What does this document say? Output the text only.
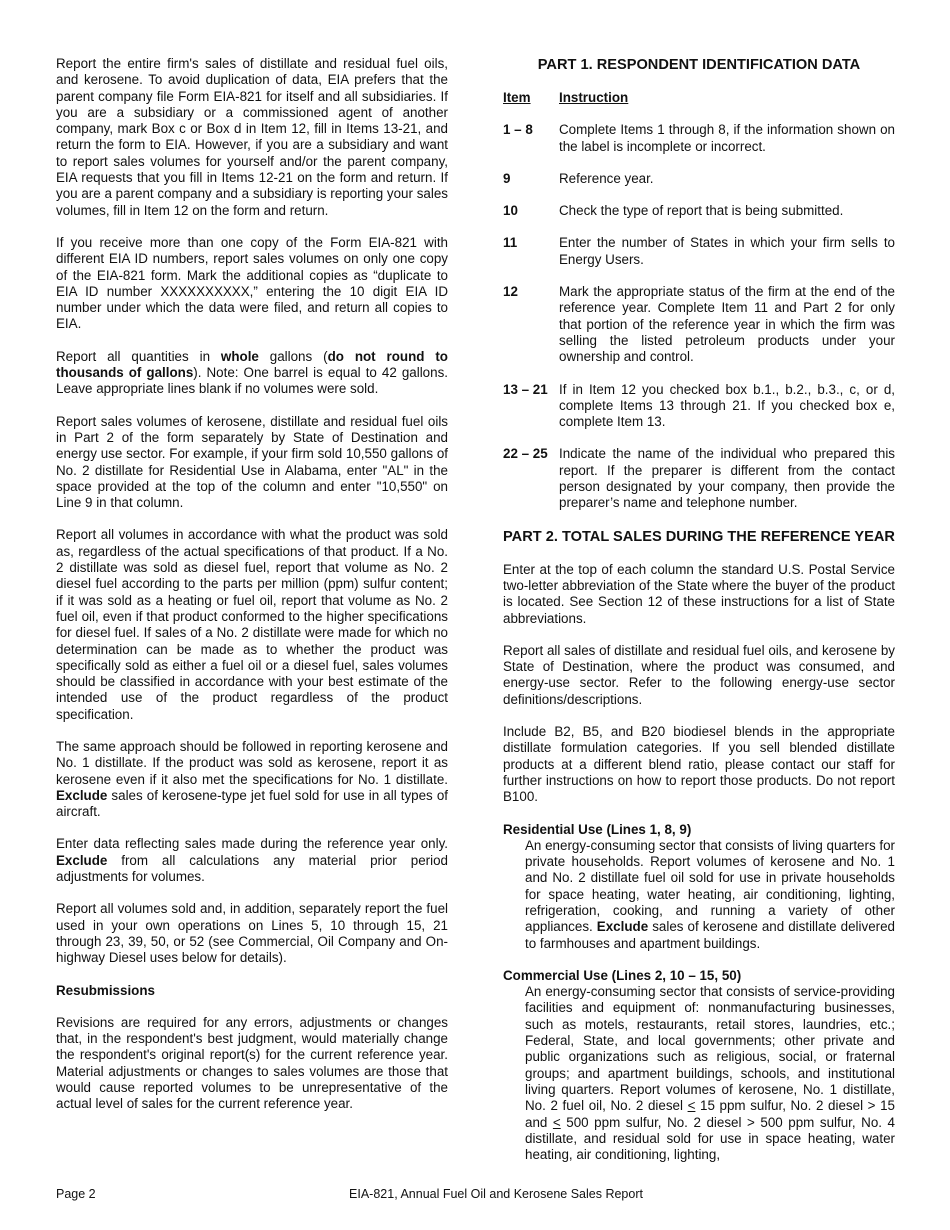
Report the entire firm's sales of distillate and residual fuel oils, and kerosene. To avoid duplication of data, EIA prefers that the parent company file Form EIA-821 for itself and all subsidiaries. If you are a subsidiary or a commissioned agent of another company, mark Box c or Box d in Item 12, fill in Items 13-21, and return the form to EIA. However, if you are a subsidiary and want to report sales volumes for yourself and/or the parent company, EIA requests that you fill in Items 12-21 on the form and return. If you are a parent company and a subsidiary is reporting your sales volumes, fill in Item 12 on the form and return.

If you receive more than one copy of the Form EIA-821 with different EIA ID numbers, report sales volumes on only one copy of the EIA-821 form. Mark the additional copies as “duplicate to EIA ID number XXXXXXXXXX,” entering the 10 digit EIA ID number under which the data were filed, and return all copies to EIA.

Report all quantities in whole gallons (do not round to thousands of gallons). Note: One barrel is equal to 42 gallons. Leave appropriate lines blank if no volumes were sold.

Report sales volumes of kerosene, distillate and residual fuel oils in Part 2 of the form separately by State of Destination and energy use sector. For example, if your firm sold 10,550 gallons of No. 2 distillate for Residential Use in Alabama, enter "AL" in the space provided at the top of the column and enter "10,550" on Line 9 in that column.

Report all volumes in accordance with what the product was sold as, regardless of the actual specifications of that product. If a No. 2 distillate was sold as diesel fuel, report that volume as No. 2 diesel fuel according to the parts per million (ppm) sulfur content; if it was sold as a heating or fuel oil, report that volume as No. 2 fuel oil, even if that product conformed to the higher specifications for diesel fuel. If sales of a No. 2 distillate were made for which no determination can be made as to whether the product was specifically sold as either a fuel oil or a diesel fuel, sales volumes should be classified in accordance with your best estimate of the intended use of the product regardless of the product specification.

The same approach should be followed in reporting kerosene and No. 1 distillate. If the product was sold as kerosene, report it as kerosene even if it also met the specifications for No. 1 distillate. Exclude sales of kerosene-type jet fuel sold for use in all types of aircraft.

Enter data reflecting sales made during the reference year only. Exclude from all calculations any material prior period adjustments for volumes.

Report all volumes sold and, in addition, separately report the fuel used in your own operations on Lines 5, 10 through 15, 21 through 23, 39, 50, or 52 (see Commercial, Oil Company and On-highway Diesel uses below for details).

Resubmissions

Revisions are required for any errors, adjustments or changes that, in the respondent's best judgment, would materially change the respondent's original report(s) for the current reference year. Material adjustments or changes to sales volumes are those that would cause reported volumes to be unrepresentative of the actual level of sales for the current reference year.

PART 1. RESPONDENT IDENTIFICATION DATA
Item	Instruction
1 – 8	Complete Items 1 through 8, if the information shown on the label is incomplete or incorrect.
9	Reference year.
10	Check the type of report that is being submitted.
11	Enter the number of States in which your firm sells to Energy Users.
12	Mark the appropriate status of the firm at the end of the reference year. Complete Item 11 and Part 2 for only that portion of the reference year in which the firm was selling the listed petroleum products under your ownership and control.
13 – 21 If in Item 12 you checked box b.1., b.2., b.3., c, or d, complete Items 13 through 21. If you checked box e, complete Item 13.
22 – 25 Indicate the name of the individual who prepared this report. If the preparer is different from the contact person designated by your company, then provide the preparer’s name and telephone number.
PART 2. TOTAL SALES DURING THE REFERENCE YEAR

Enter at the top of each column the standard U.S. Postal Service two-letter abbreviation of the State where the buyer of the product is located. See Section 12 of these instructions for a list of State abbreviations.

Report all sales of distillate and residual fuel oils, and kerosene by State of Destination, where the product was consumed, and energy-use sector. Refer to the following energy-use sector definitions/descriptions.

Include B2, B5, and B20 biodiesel blends in the appropriate distillate formulation categories. If you sell blended distillate products at a different blend ratio, please contact our staff for further instructions on how to report those products. Do not report B100.

Residential Use (Lines 1, 8, 9)
An energy-consuming sector that consists of living quarters for private households. Report volumes of kerosene and No. 1 and No. 2 distillate fuel oil sold for use in private households for space heating, water heating, air conditioning, lighting, refrigeration, cooking, and running a variety of other appliances. Exclude sales of kerosene and distillate delivered to farmhouses and apartment buildings.
Commercial Use (Lines 2, 10 – 15, 50)
An energy-consuming sector that consists of service-providing facilities and equipment of: nonmanufacturing businesses, such as motels, restaurants, retail stores, laundries, etc.; Federal, State, and local governments; other private and public organizations such as religious, social, or fraternal groups; and apartment buildings, schools, and institutional living quarters. Report volumes of kerosene, No. 1 distillate, No. 2 fuel oil, No. 2 diesel < 15 ppm sulfur, No. 2 diesel > 15 and < 500 ppm sulfur, No. 2 diesel > 500 ppm sulfur, No. 4 distillate, and residual sold for use in space heating, water heating, air conditioning, lighting,
Page 2	EIA-821, Annual Fuel Oil and Kerosene Sales Report
